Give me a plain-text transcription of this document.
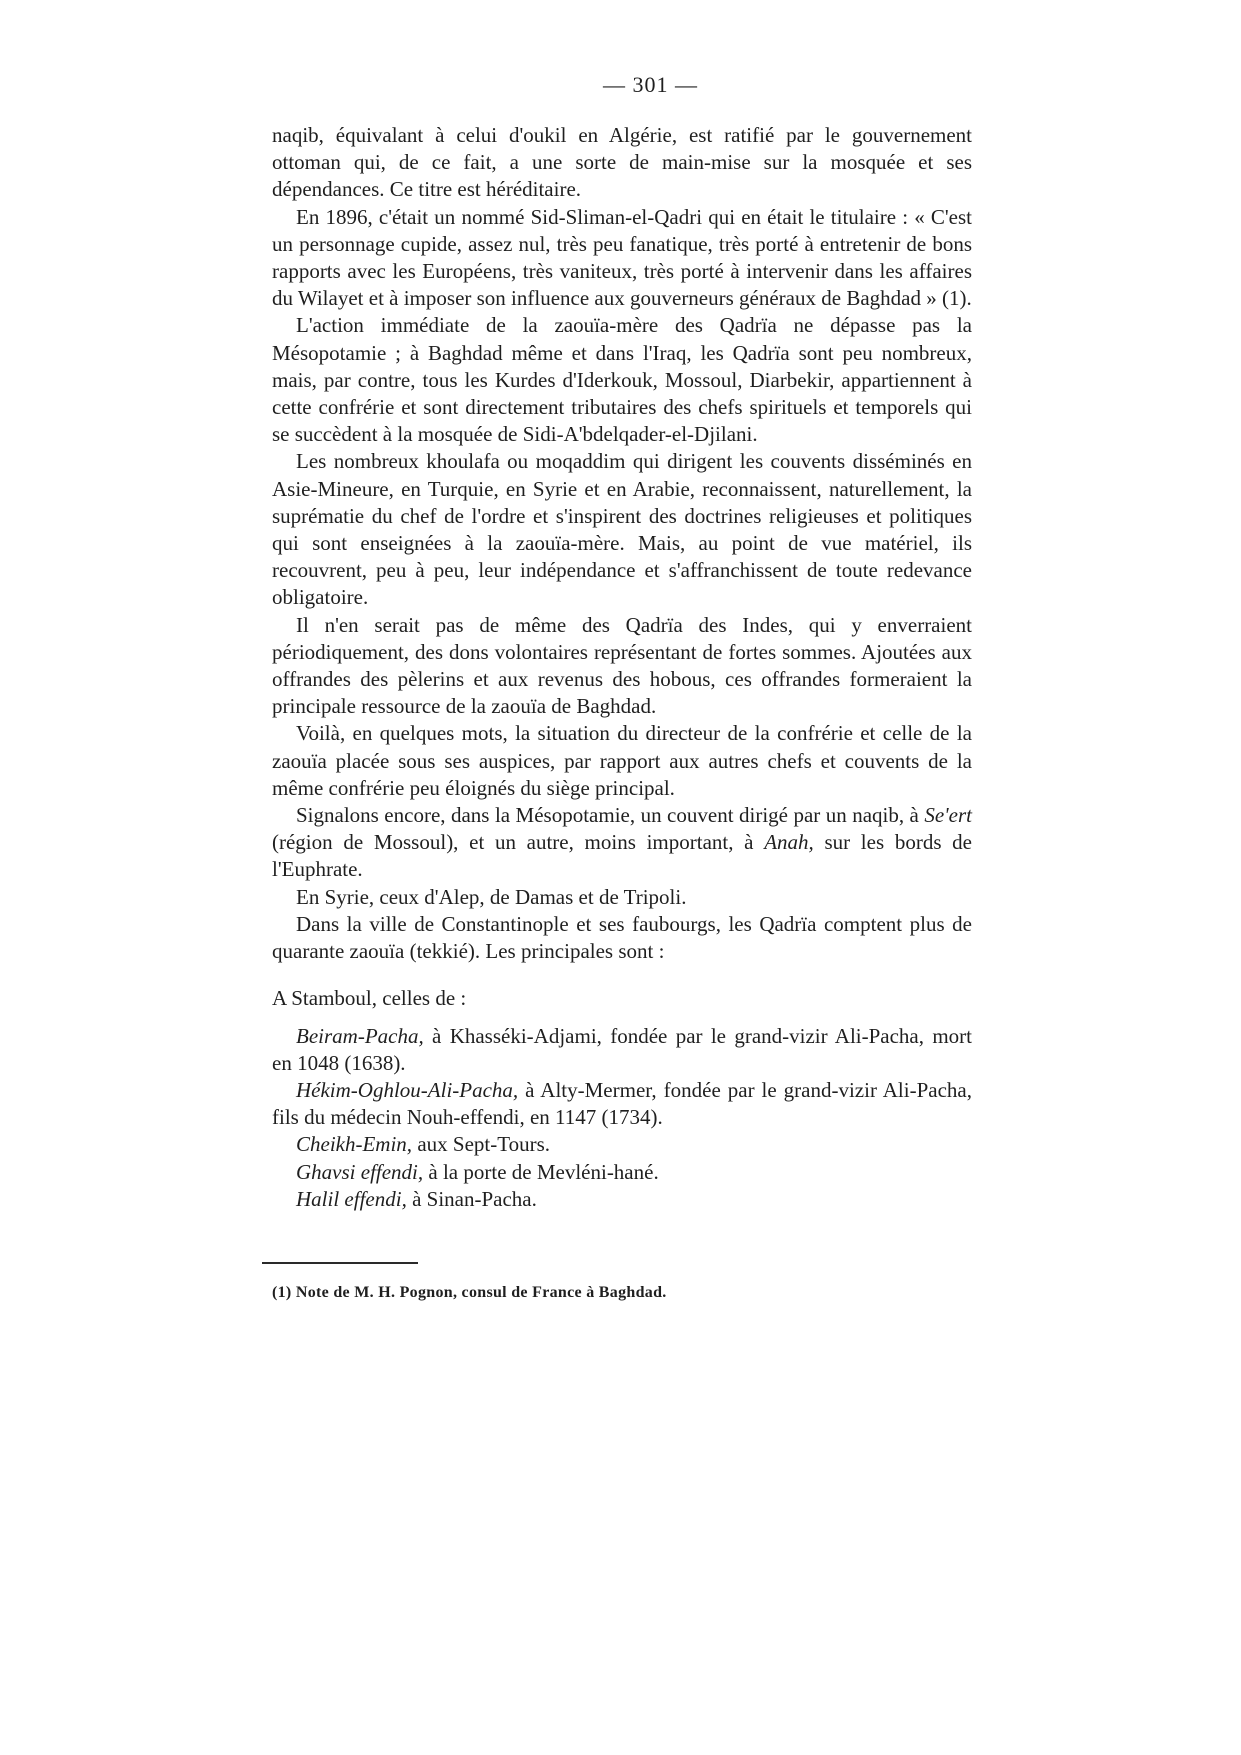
— 301 —

naqib, équivalant à celui d'oukil en Algérie, est ratifié par le gouvernement ottoman qui, de ce fait, a une sorte de main-mise sur la mosquée et ses dépendances. Ce titre est héréditaire.

En 1896, c'était un nommé Sid-Sliman-el-Qadri qui en était le titulaire : « C'est un personnage cupide, assez nul, très peu fanatique, très porté à entretenir de bons rapports avec les Européens, très vaniteux, très porté à intervenir dans les affaires du Wilayet et à imposer son influence aux gouverneurs généraux de Baghdad » (1).

L'action immédiate de la zaouïa-mère des Qadrïa ne dépasse pas la Mésopotamie ; à Baghdad même et dans l'Iraq, les Qadrïa sont peu nombreux, mais, par contre, tous les Kurdes d'Iderkouk, Mossoul, Diarbekir, appartiennent à cette confrérie et sont directement tributaires des chefs spirituels et temporels qui se succèdent à la mosquée de Sidi-A'bdelqader-el-Djilani.

Les nombreux khoulafa ou moqaddim qui dirigent les couvents disséminés en Asie-Mineure, en Turquie, en Syrie et en Arabie, reconnaissent, naturellement, la suprématie du chef de l'ordre et s'inspirent des doctrines religieuses et politiques qui sont enseignées à la zaouïa-mère. Mais, au point de vue matériel, ils recouvrent, peu à peu, leur indépendance et s'affranchissent de toute redevance obligatoire.

Il n'en serait pas de même des Qadrïa des Indes, qui y enverraient périodiquement, des dons volontaires représentant de fortes sommes. Ajoutées aux offrandes des pèlerins et aux revenus des hobous, ces offrandes formeraient la principale ressource de la zaouïa de Baghdad.

Voilà, en quelques mots, la situation du directeur de la confrérie et celle de la zaouïa placée sous ses auspices, par rapport aux autres chefs et couvents de la même confrérie peu éloignés du siège principal.

Signalons encore, dans la Mésopotamie, un couvent dirigé par un naqib, à Se'ert (région de Mossoul), et un autre, moins important, à Anah, sur les bords de l'Euphrate.

En Syrie, ceux d'Alep, de Damas et de Tripoli.

Dans la ville de Constantinople et ses faubourgs, les Qadrïa comptent plus de quarante zaouïa (tekkié). Les principales sont :

A Stamboul, celles de :

Beiram-Pacha, à Khasséki-Adjami, fondée par le grand-vizir Ali-Pacha, mort en 1048 (1638).

Hékim-Oghlou-Ali-Pacha, à Alty-Mermer, fondée par le grand-vizir Ali-Pacha, fils du médecin Nouh-effendi, en 1147 (1734).

Cheikh-Emin, aux Sept-Tours.

Ghavsi effendi, à la porte de Mevléni-hané.

Halil effendi, à Sinan-Pacha.

(1) Note de M. H. Pognon, consul de France à Baghdad.
